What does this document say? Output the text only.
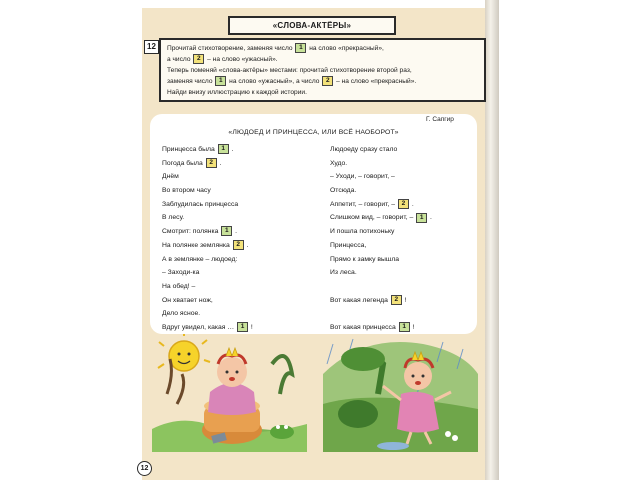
«СЛОВА-АКТЁРЫ»
12	Прочитай стихотворение, заменяя число 1 на слово «прекрасный»,
а число 2 – на слово «ужасный».
Теперь поменяй «слова-актёры» местами: прочитай стихотворение второй раз,
заменяя число 1 на слово «ужасный», а число 2 – на слово «прекрасный».
Найди внизу иллюстрацию к каждой истории.
Г. Сапгир
«ЛЮДОЕД И ПРИНЦЕССА, ИЛИ ВСЁ НАОБОРОТ»
Принцесса была 1 .
Погода была 2 .
Днём
Во втором часу
Заблудилась принцесса
В лесу.
Смотрит: полянка 1 .
На полянке землянка 2 .
А в землянке – людоед:
– Заходи-ка
На обед! –
Он хватает нож,
Дело ясное.
Вдруг увидел, какая … 1 !
Людоеду сразу стало
Худо.
– Уходи, – говорит, –
Отсюда.
Аппетит, – говорит, – 2 .
Слишком вид, – говорит, – 1 .
И пошла потихоньку
Принцесса,
Прямо к замку вышла
Из леса.
Вот какая легенда 2 !
Вот какая принцесса 1 !
12
